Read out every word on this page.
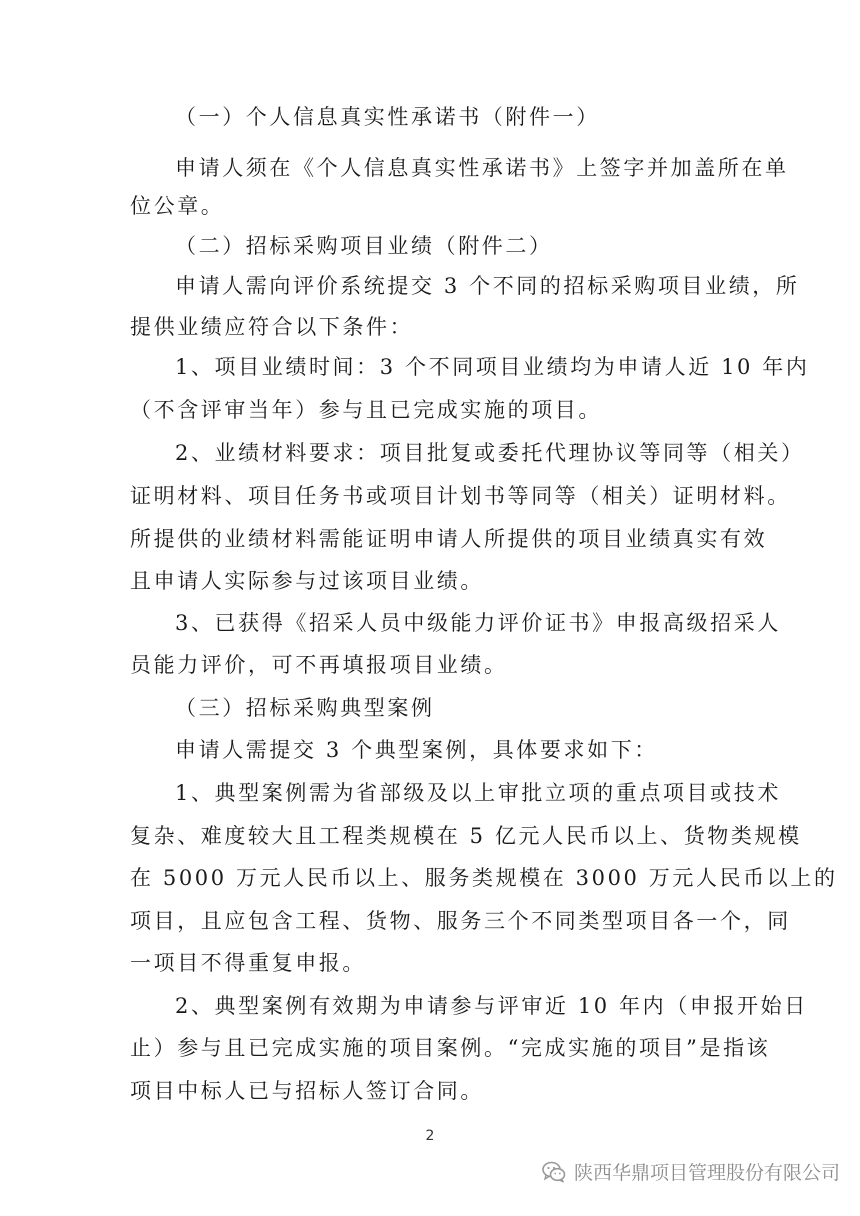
（一）个人信息真实性承诺书（附件一）
申请人须在《个人信息真实性承诺书》上签字并加盖所在单
位公章。
（二）招标采购项目业绩（附件二）
申请人需向评价系统提交 3 个不同的招标采购项目业绩，所
提供业绩应符合以下条件：
1、项目业绩时间：3 个不同项目业绩均为申请人近 10 年内
（不含评审当年）参与且已完成实施的项目。
2、业绩材料要求：项目批复或委托代理协议等同等（相关）
证明材料、项目任务书或项目计划书等同等（相关）证明材料。
所提供的业绩材料需能证明申请人所提供的项目业绩真实有效
且申请人实际参与过该项目业绩。
3、已获得《招采人员中级能力评价证书》申报高级招采人
员能力评价，可不再填报项目业绩。
（三）招标采购典型案例
申请人需提交 3 个典型案例，具体要求如下：
1、典型案例需为省部级及以上审批立项的重点项目或技术
复杂、难度较大且工程类规模在 5 亿元人民币以上、货物类规模
在 5000 万元人民币以上、服务类规模在 3000 万元人民币以上的
项目，且应包含工程、货物、服务三个不同类型项目各一个，同
一项目不得重复申报。
2、典型案例有效期为申请参与评审近 10 年内（申报开始日
止）参与且已完成实施的项目案例。“完成实施的项目”是指该
项目中标人已与招标人签订合同。
2
陕西华鼎项目管理股份有限公司
